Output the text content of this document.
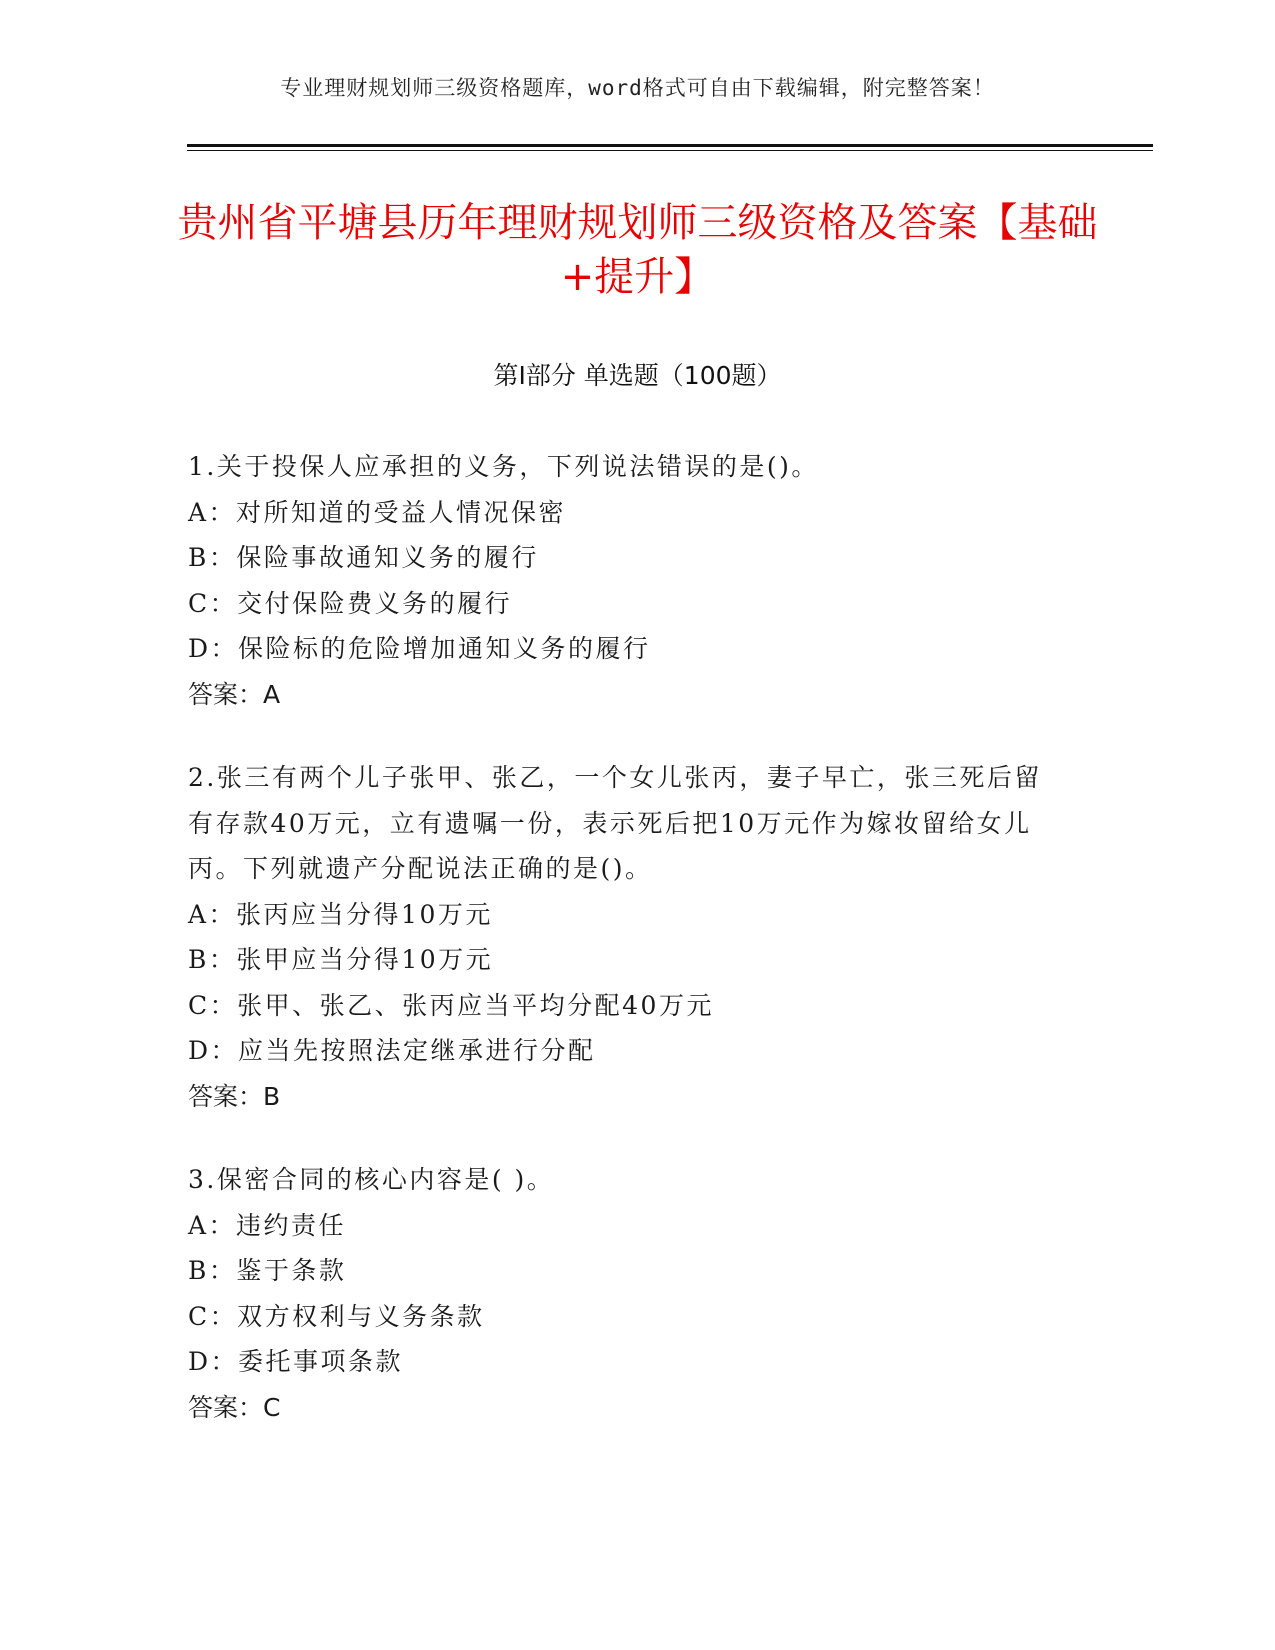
专业理财规划师三级资格题库，word格式可自由下载编辑，附完整答案！
贵州省平塘县历年理财规划师三级资格及答案【基础+提升】
第Ⅰ部分 单选题（100题）

1.关于投保人应承担的义务，下列说法错误的是()。

A：对所知道的受益人情况保密

B：保险事故通知义务的履行

C：交付保险费义务的履行

D：保险标的危险增加通知义务的履行

答案：A

2.张三有两个儿子张甲、张乙，一个女儿张丙，妻子早亡，张三死后留有存款40万元，立有遗嘱一份，表示死后把10万元作为嫁妆留给女儿丙。下列就遗产分配说法正确的是()。

A：张丙应当分得10万元

B：张甲应当分得10万元

C：张甲、张乙、张丙应当平均分配40万元

D：应当先按照法定继承进行分配

答案：B

3.保密合同的核心内容是( )。

A：违约责任

B：鉴于条款

C：双方权利与义务条款

D：委托事项条款

答案：C
